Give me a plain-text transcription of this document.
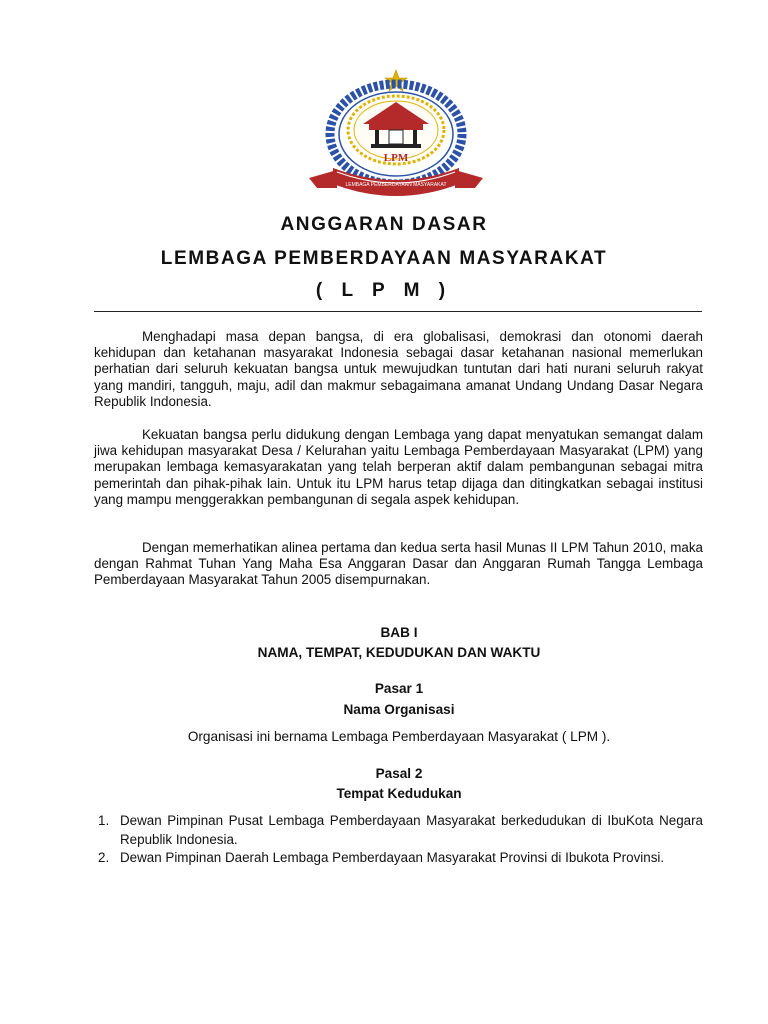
LPM
LEMBAGA PEMBERDAYAAN MASYARAKAT
ANGGARAN DASAR
LEMBAGA PEMBERDAYAAN MASYARAKAT
( L P M )

Menghadapi masa depan bangsa, di era globalisasi, demokrasi dan otonomi daerah kehidupan dan ketahanan masyarakat Indonesia sebagai dasar ketahanan nasional memerlukan perhatian dari seluruh kekuatan bangsa untuk mewujudkan tuntutan dari hati nurani seluruh rakyat yang mandiri, tangguh, maju, adil dan makmur sebagaimana amanat Undang Undang Dasar Negara Republik Indonesia.

Kekuatan bangsa perlu didukung dengan Lembaga yang dapat menyatukan semangat dalam jiwa kehidupan masyarakat Desa / Kelurahan yaitu Lembaga Pemberdayaan Masyarakat (LPM) yang merupakan lembaga kemasyarakatan yang telah berperan aktif dalam pembangunan sebagai mitra pemerintah dan pihak-pihak lain. Untuk itu LPM harus tetap dijaga dan ditingkatkan sebagai institusi yang mampu menggerakkan pembangunan di segala aspek kehidupan.

Dengan memerhatikan alinea pertama dan kedua serta hasil Munas II LPM Tahun 2010, maka dengan Rahmat Tuhan Yang Maha Esa Anggaran Dasar dan Anggaran Rumah Tangga Lembaga Pemberdayaan Masyarakat Tahun 2005 disempurnakan.

BAB I
NAMA, TEMPAT, KEDUDUKAN DAN WAKTU
Pasar 1
Nama Organisasi
Organisasi ini bernama Lembaga Pemberdayaan Masyarakat ( LPM ).
Pasal 2
Tempat Kedudukan
1. Dewan Pimpinan Pusat Lembaga Pemberdayaan Masyarakat berkedudukan di IbuKota Negara Republik Indonesia.
2. Dewan Pimpinan Daerah Lembaga Pemberdayaan Masyarakat Provinsi di Ibukota Provinsi.
